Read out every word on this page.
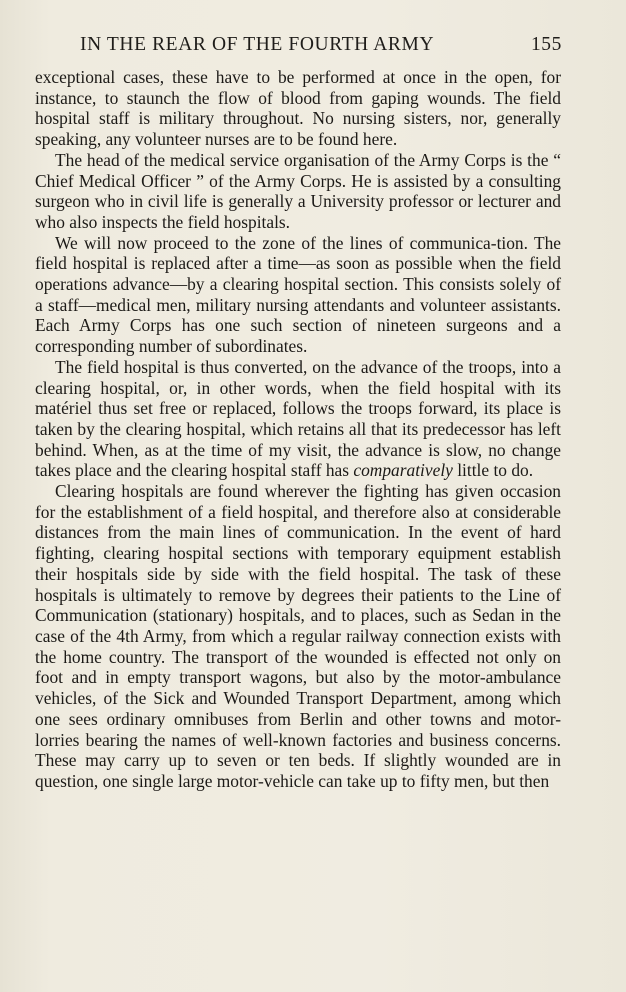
IN THE REAR OF THE FOURTH ARMY	155

exceptional cases, these have to be performed at once in the open, for instance, to staunch the flow of blood from gaping wounds. The field hospital staff is military throughout. No nursing sisters, nor, generally speaking, any volunteer nurses are to be found here.

The head of the medical service organisation of the Army Corps is the “ Chief Medical Officer ” of the Army Corps. He is assisted by a consulting surgeon who in civil life is generally a University professor or lecturer and who also inspects the field hospitals.

We will now proceed to the zone of the lines of communica-tion. The field hospital is replaced after a time—as soon as possible when the field operations advance—by a clearing hospital section. This consists solely of a staff—medical men, military nursing attendants and volunteer assistants. Each Army Corps has one such section of nineteen surgeons and a corresponding number of subordinates.

The field hospital is thus converted, on the advance of the troops, into a clearing hospital, or, in other words, when the field hospital with its matériel thus set free or replaced, follows the troops forward, its place is taken by the clearing hospital, which retains all that its predecessor has left behind. When, as at the time of my visit, the advance is slow, no change takes place and the clearing hospital staff has comparatively little to do.

Clearing hospitals are found wherever the fighting has given occasion for the establishment of a field hospital, and therefore also at considerable distances from the main lines of communication. In the event of hard fighting, clearing hospital sections with temporary equipment establish their hospitals side by side with the field hospital. The task of these hospitals is ultimately to remove by degrees their patients to the Line of Communication (stationary) hospitals, and to places, such as Sedan in the case of the 4th Army, from which a regular railway connection exists with the home country. The transport of the wounded is effected not only on foot and in empty transport wagons, but also by the motor-ambulance vehicles, of the Sick and Wounded Transport Department, among which one sees ordinary omnibuses from Berlin and other towns and motor-lorries bearing the names of well-known factories and business concerns. These may carry up to seven or ten beds. If slightly wounded are in question, one single large motor-vehicle can take up to fifty men, but then
